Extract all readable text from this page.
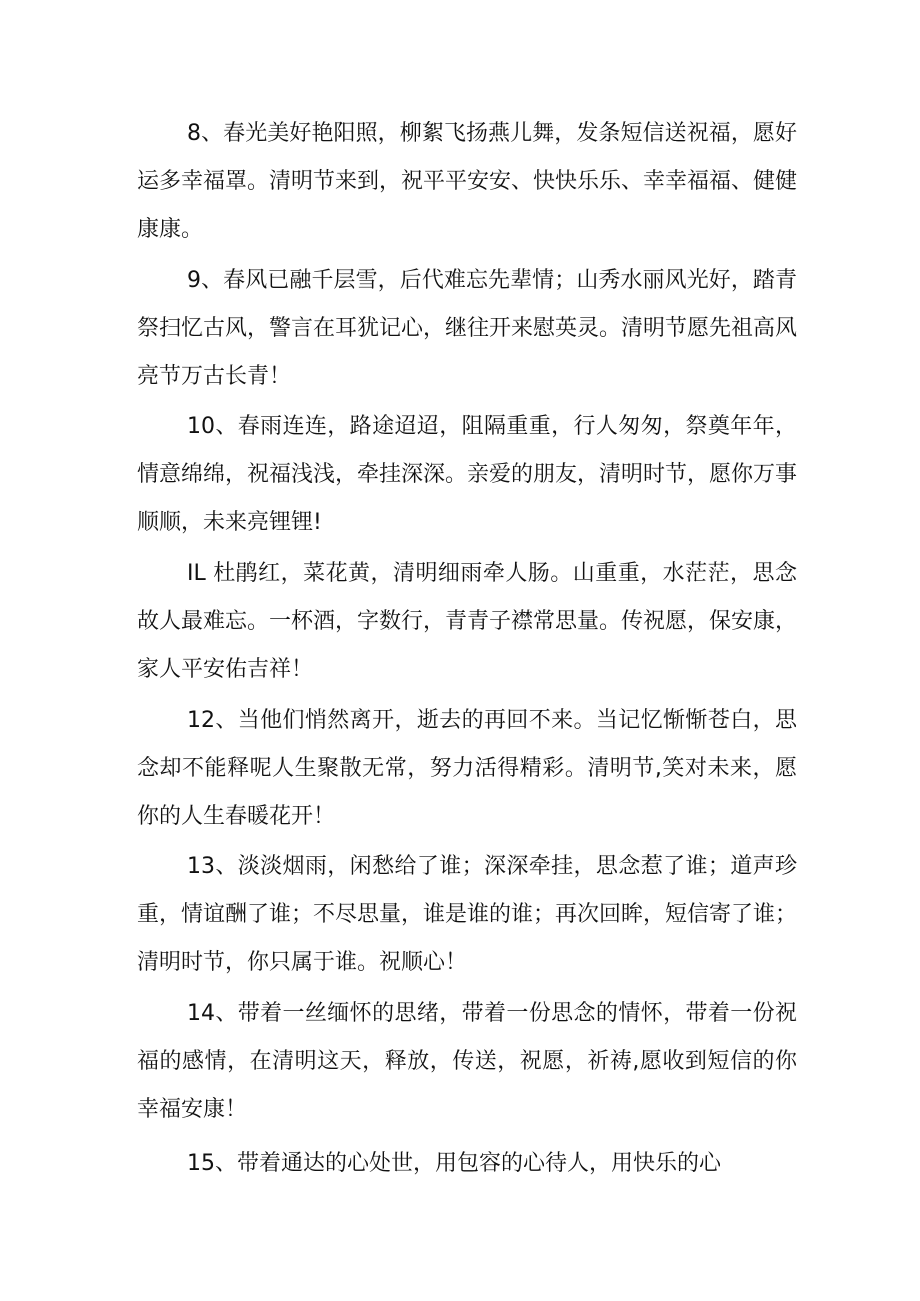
8、春光美好艳阳照，柳絮飞扬燕儿舞，发条短信送祝福，愿好运多幸福罩。清明节来到，祝平平安安、快快乐乐、幸幸福福、健健康康。

9、春风已融千层雪，后代难忘先辈情；山秀水丽风光好，踏青祭扫忆古风，警言在耳犹记心，继往开来慰英灵。清明节愿先祖高风亮节万古长青！

10、春雨连连，路途迢迢，阻隔重重，行人匆匆，祭奠年年，情意绵绵，祝福浅浅，牵挂深深。亲爱的朋友，清明时节，愿你万事顺顺，未来亮锂锂!

IL 杜鹃红，菜花黄，清明细雨牵人肠。山重重，水茫茫，思念故人最难忘。一杯酒，字数行，青青子襟常思量。传祝愿，保安康，家人平安佑吉祥！

12、当他们悄然离开，逝去的再回不来。当记忆惭惭苍白，思念却不能释呢人生聚散无常，努力活得精彩。清明节,笑对未来，愿你的人生春暖花开！

13、淡淡烟雨，闲愁给了谁；深深牵挂，思念惹了谁；道声珍重，情谊酬了谁；不尽思量，谁是谁的谁；再次回眸，短信寄了谁；清明时节，你只属于谁。祝顺心！

14、带着一丝缅怀的思绪，带着一份思念的情怀，带着一份祝福的感情，在清明这天，释放，传送，祝愿，祈祷,愿收到短信的你幸福安康！

15、带着通达的心处世，用包容的心待人，用快乐的心
